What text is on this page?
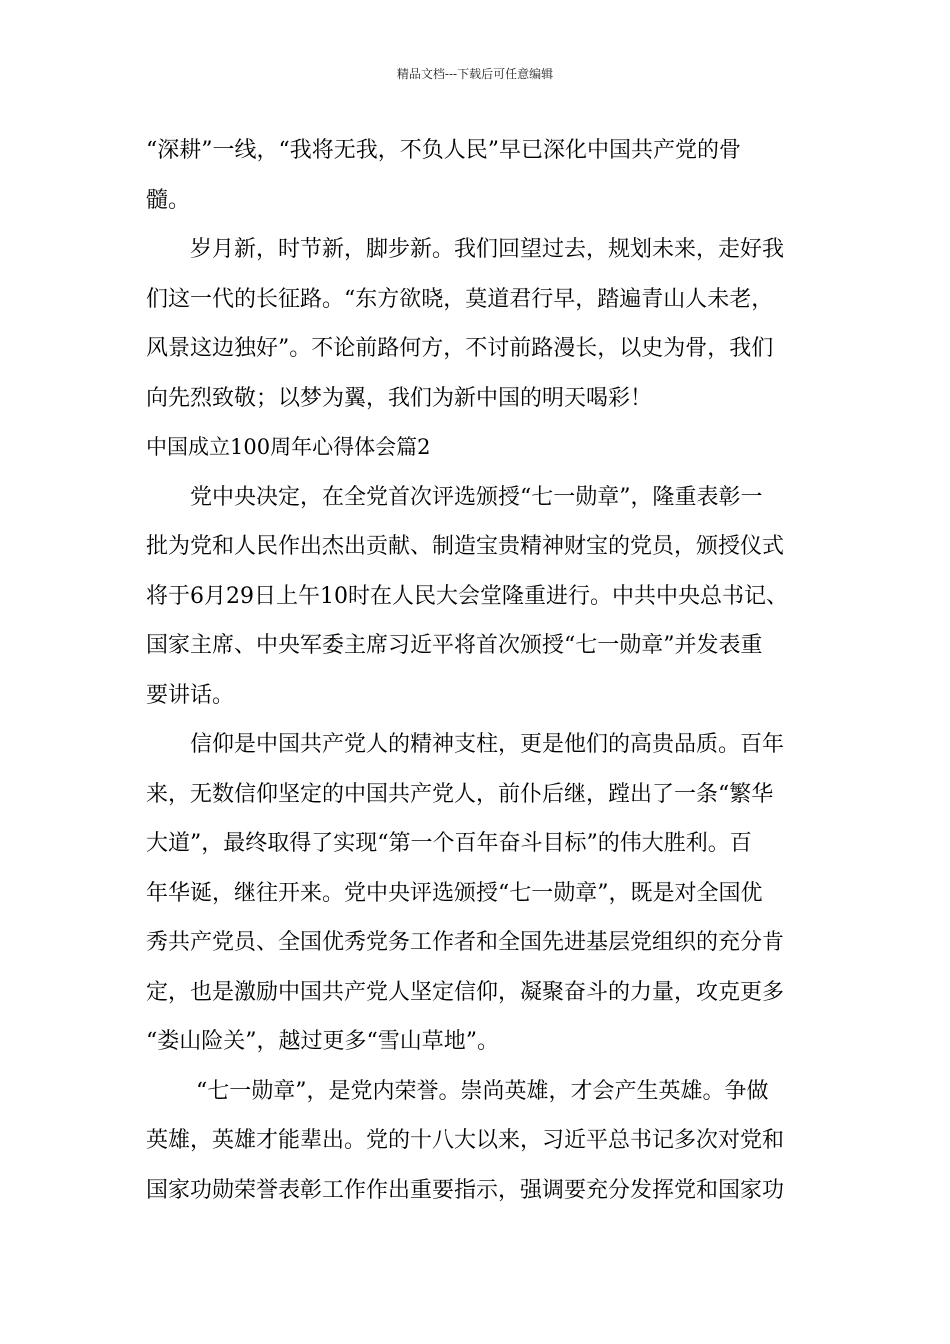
精品文档---下载后可任意编辑
“深耕”一线，“我将无我，不负人民”早已深化中国共产党的骨
髓。
岁月新，时节新，脚步新。我们回望过去，规划未来，走好我
们这一代的长征路。“东方欲晓，莫道君行早，踏遍青山人未老，
风景这边独好”。不论前路何方，不讨前路漫长，以史为骨，我们
向先烈致敬；以梦为翼，我们为新中国的明天喝彩！
中国成立100周年心得体会篇2
党中央决定，在全党首次评选颁授“七一勋章”，隆重表彰一
批为党和人民作出杰出贡献、制造宝贵精神财宝的党员，颁授仪式
将于6月29日上午10时在人民大会堂隆重进行。中共中央总书记、
国家主席、中央军委主席习近平将首次颁授“七一勋章”并发表重
要讲话。
信仰是中国共产党人的精神支柱，更是他们的高贵品质。百年
来，无数信仰坚定的中国共产党人，前仆后继，蹚出了一条“繁华
大道”，最终取得了实现“第一个百年奋斗目标”的伟大胜利。百
年华诞，继往开来。党中央评选颁授“七一勋章”，既是对全国优
秀共产党员、全国优秀党务工作者和全国先进基层党组织的充分肯
定，也是激励中国共产党人坚定信仰，凝聚奋斗的力量，攻克更多
“娄山险关”，越过更多“雪山草地”。
“七一勋章”，是党内荣誉。崇尚英雄，才会产生英雄。争做
英雄，英雄才能辈出。党的十八大以来，习近平总书记多次对党和
国家功勋荣誉表彰工作作出重要指示，强调要充分发挥党和国家功
